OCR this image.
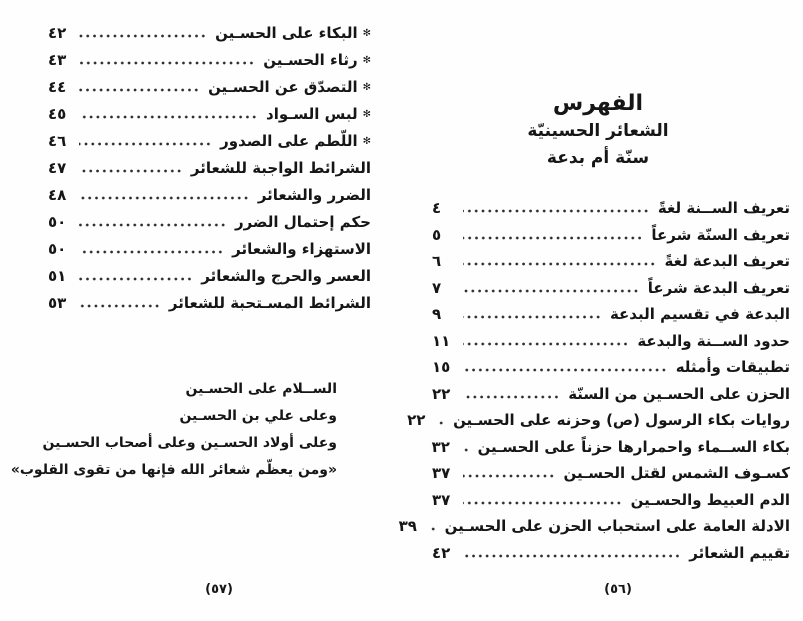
✻
البكاء على الحسـين
٤٢
✻
رثاء الحسـين
٤٣
✻
التصدّق عن الحسـين
٤٤
✻
لبس السـواد
٤٥
✻
اللّطم على الصدور
٤٦
الشرائط الواجبة للشعائر
٤٧
الضرر والشعائر
٤٨
حكم إحتمال الضرر
٥٠
الاستهزاء والشعائر
٥٠
العسر والحرج والشعائر
٥١
الشرائط المسـتحبة للشعائر
٥٣
الســلام على الحسـين
وعلى علي بن الحسـين
وعلى أولاد الحسـين وعلى أصحاب الحسـين
«ومن يعظّم شعائر الله فإنها من تقوى القلوب»
(٥٧)
الفهرس
الشعائر الحسينيّة
سنّة أم بدعة
تعريف الســنة لغةً
٤
تعريف السنّة شرعاً
٥
تعريف البدعة لغةً
٦
تعريف البدعة شرعاً
٧
البدعة في تقسيم البدعة
٩
حدود الســنة والبدعة
١١
تطبيقات وأمثله
١٥
الحزن على الحسـين من السنّة
٢٢
روايات بكاء الرسول (ص) وحزنه على الحسـين
٢٢
بكاء الســماء واحمرارها حزناً على الحسـين
٣٢
كسـوف الشمس لقتل الحسـين
٣٧
الدم العبيط والحسـين
٣٧
الادلة العامة على استحباب الحزن على الحسـين
٣٩
تقييم الشعائر
٤٢
(٥٦)
